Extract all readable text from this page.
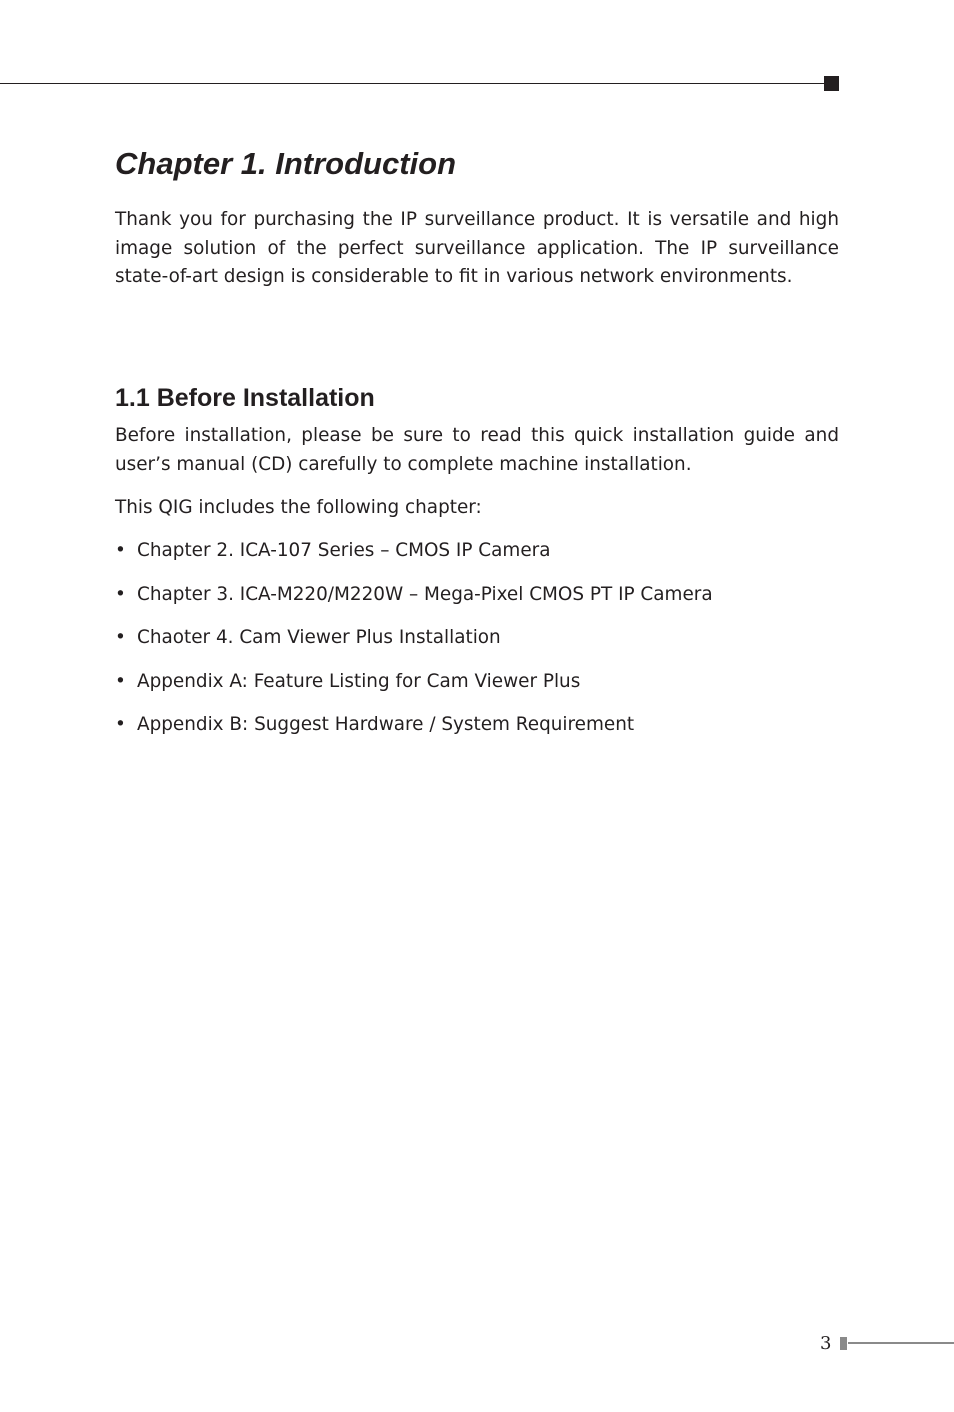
Chapter 1. Introduction

Thank you for purchasing the IP surveillance product. It is versatile and high image solution of the perfect surveillance application. The IP surveillance state-of-art design is considerable to fit in various network environments.

1.1 Before Installation

Before installation, please be sure to read this quick installation guide and user’s manual (CD) carefully to complete machine installation.

This QIG includes the following chapter:

• Chapter 2. ICA-107 Series – CMOS IP Camera
• Chapter 3. ICA-M220/M220W – Mega-Pixel CMOS PT IP Camera
• Chaoter 4. Cam Viewer Plus Installation
• Appendix A: Feature Listing for Cam Viewer Plus
• Appendix B: Suggest Hardware / System Requirement
3
